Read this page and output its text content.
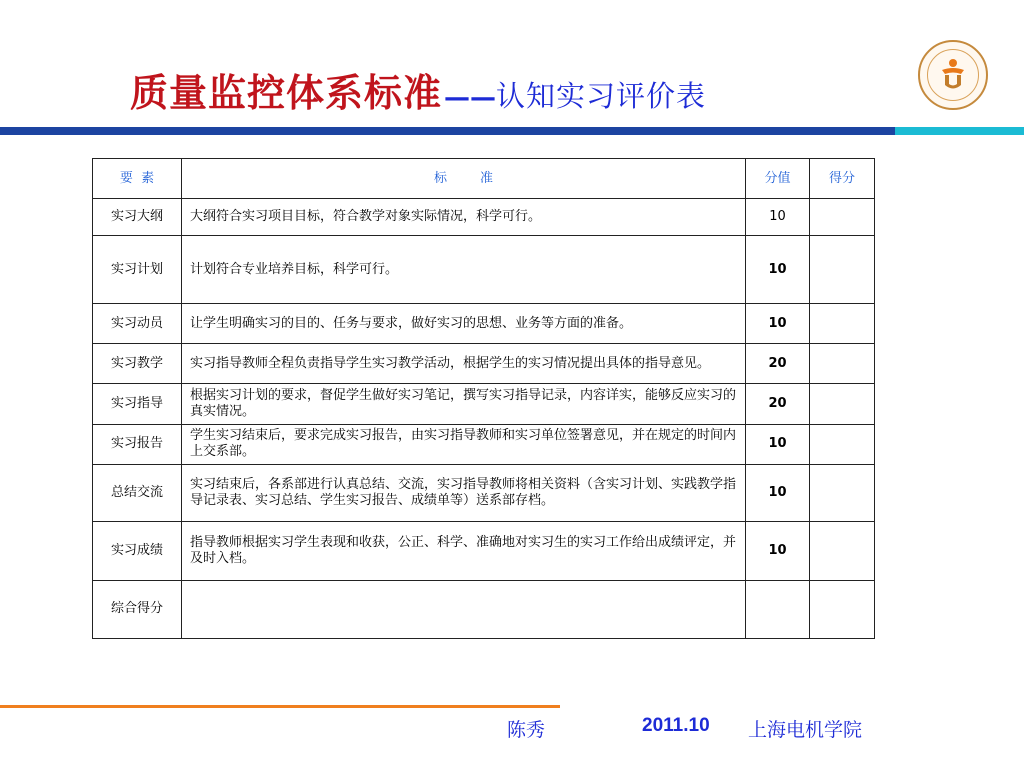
质量监控体系标准 —— 认知实习评价表
要  素	标        准	分值	得分
实习大纲	大纲符合实习项目目标，符合教学对象实际情况，科学可行。	10	
实习计划	计划符合专业培养目标，科学可行。	10	
实习动员	让学生明确实习的目的、任务与要求，做好实习的思想、业务等方面的准备。	10	
实习教学	实习指导教师全程负责指导学生实习教学活动，根据学生的实习情况提出具体的指导意见。	20	
实习指导	根据实习计划的要求，督促学生做好实习笔记，撰写实习指导记录，内容详实，能够反应实习的真实情况。	20	
实习报告	学生实习结束后，要求完成实习报告，由实习指导教师和实习单位签署意见，并在规定的时间内上交系部。	10	
总结交流	实习结束后，各系部进行认真总结、交流，实习指导教师将相关资料（含实习计划、实践教学指导记录表、实习总结、学生实习报告、成绩单等）送系部存档。	10	
实习成绩	指导教师根据实习学生表现和收获，公正、科学、准确地对实习生的实习工作给出成绩评定，并及时入档。	10	
综合得分			
陈秀	2011.10 上海电机学院
